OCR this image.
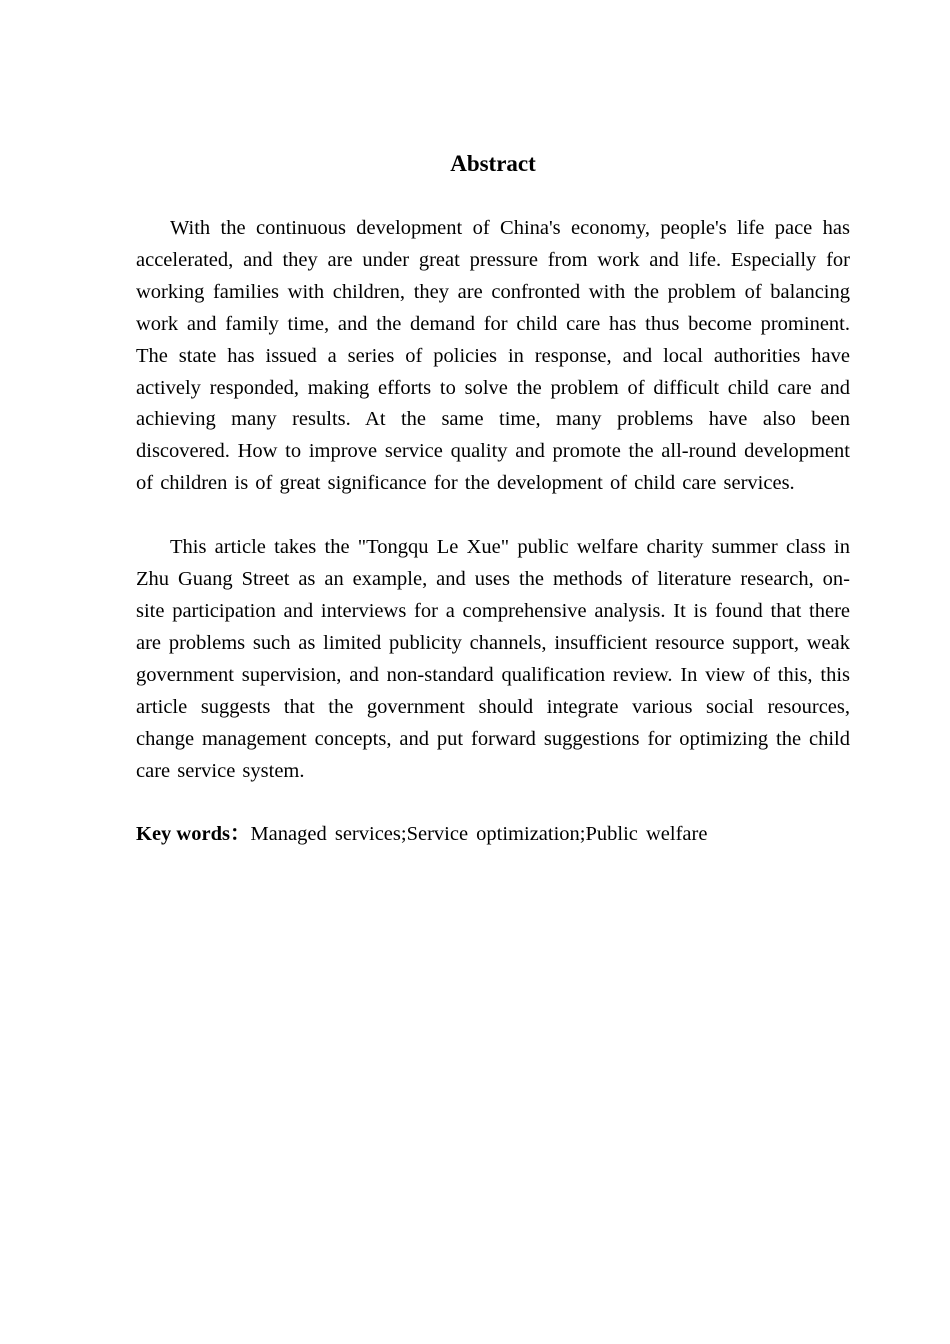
Abstract

With the continuous development of China's economy, people's life pace has accelerated, and they are under great pressure from work and life. Especially for working families with children, they are confronted with the problem of balancing work and family time, and the demand for child care has thus become prominent. The state has issued a series of policies in response, and local authorities have actively responded, making efforts to solve the problem of difficult child care and achieving many results. At the same time, many problems have also been discovered. How to improve service quality and promote the all-round development of children is of great significance for the development of child care services.

This article takes the "Tongqu Le Xue" public welfare charity summer class in Zhu Guang Street as an example, and uses the methods of literature research, on-site participation and interviews for a comprehensive analysis. It is found that there are problems such as limited publicity channels, insufficient resource support, weak government supervision, and non-standard qualification review. In view of this, this article suggests that the government should integrate various social resources, change management concepts, and put forward suggestions for optimizing the child care service system.

Key words：Managed services;Service optimization;Public welfare
